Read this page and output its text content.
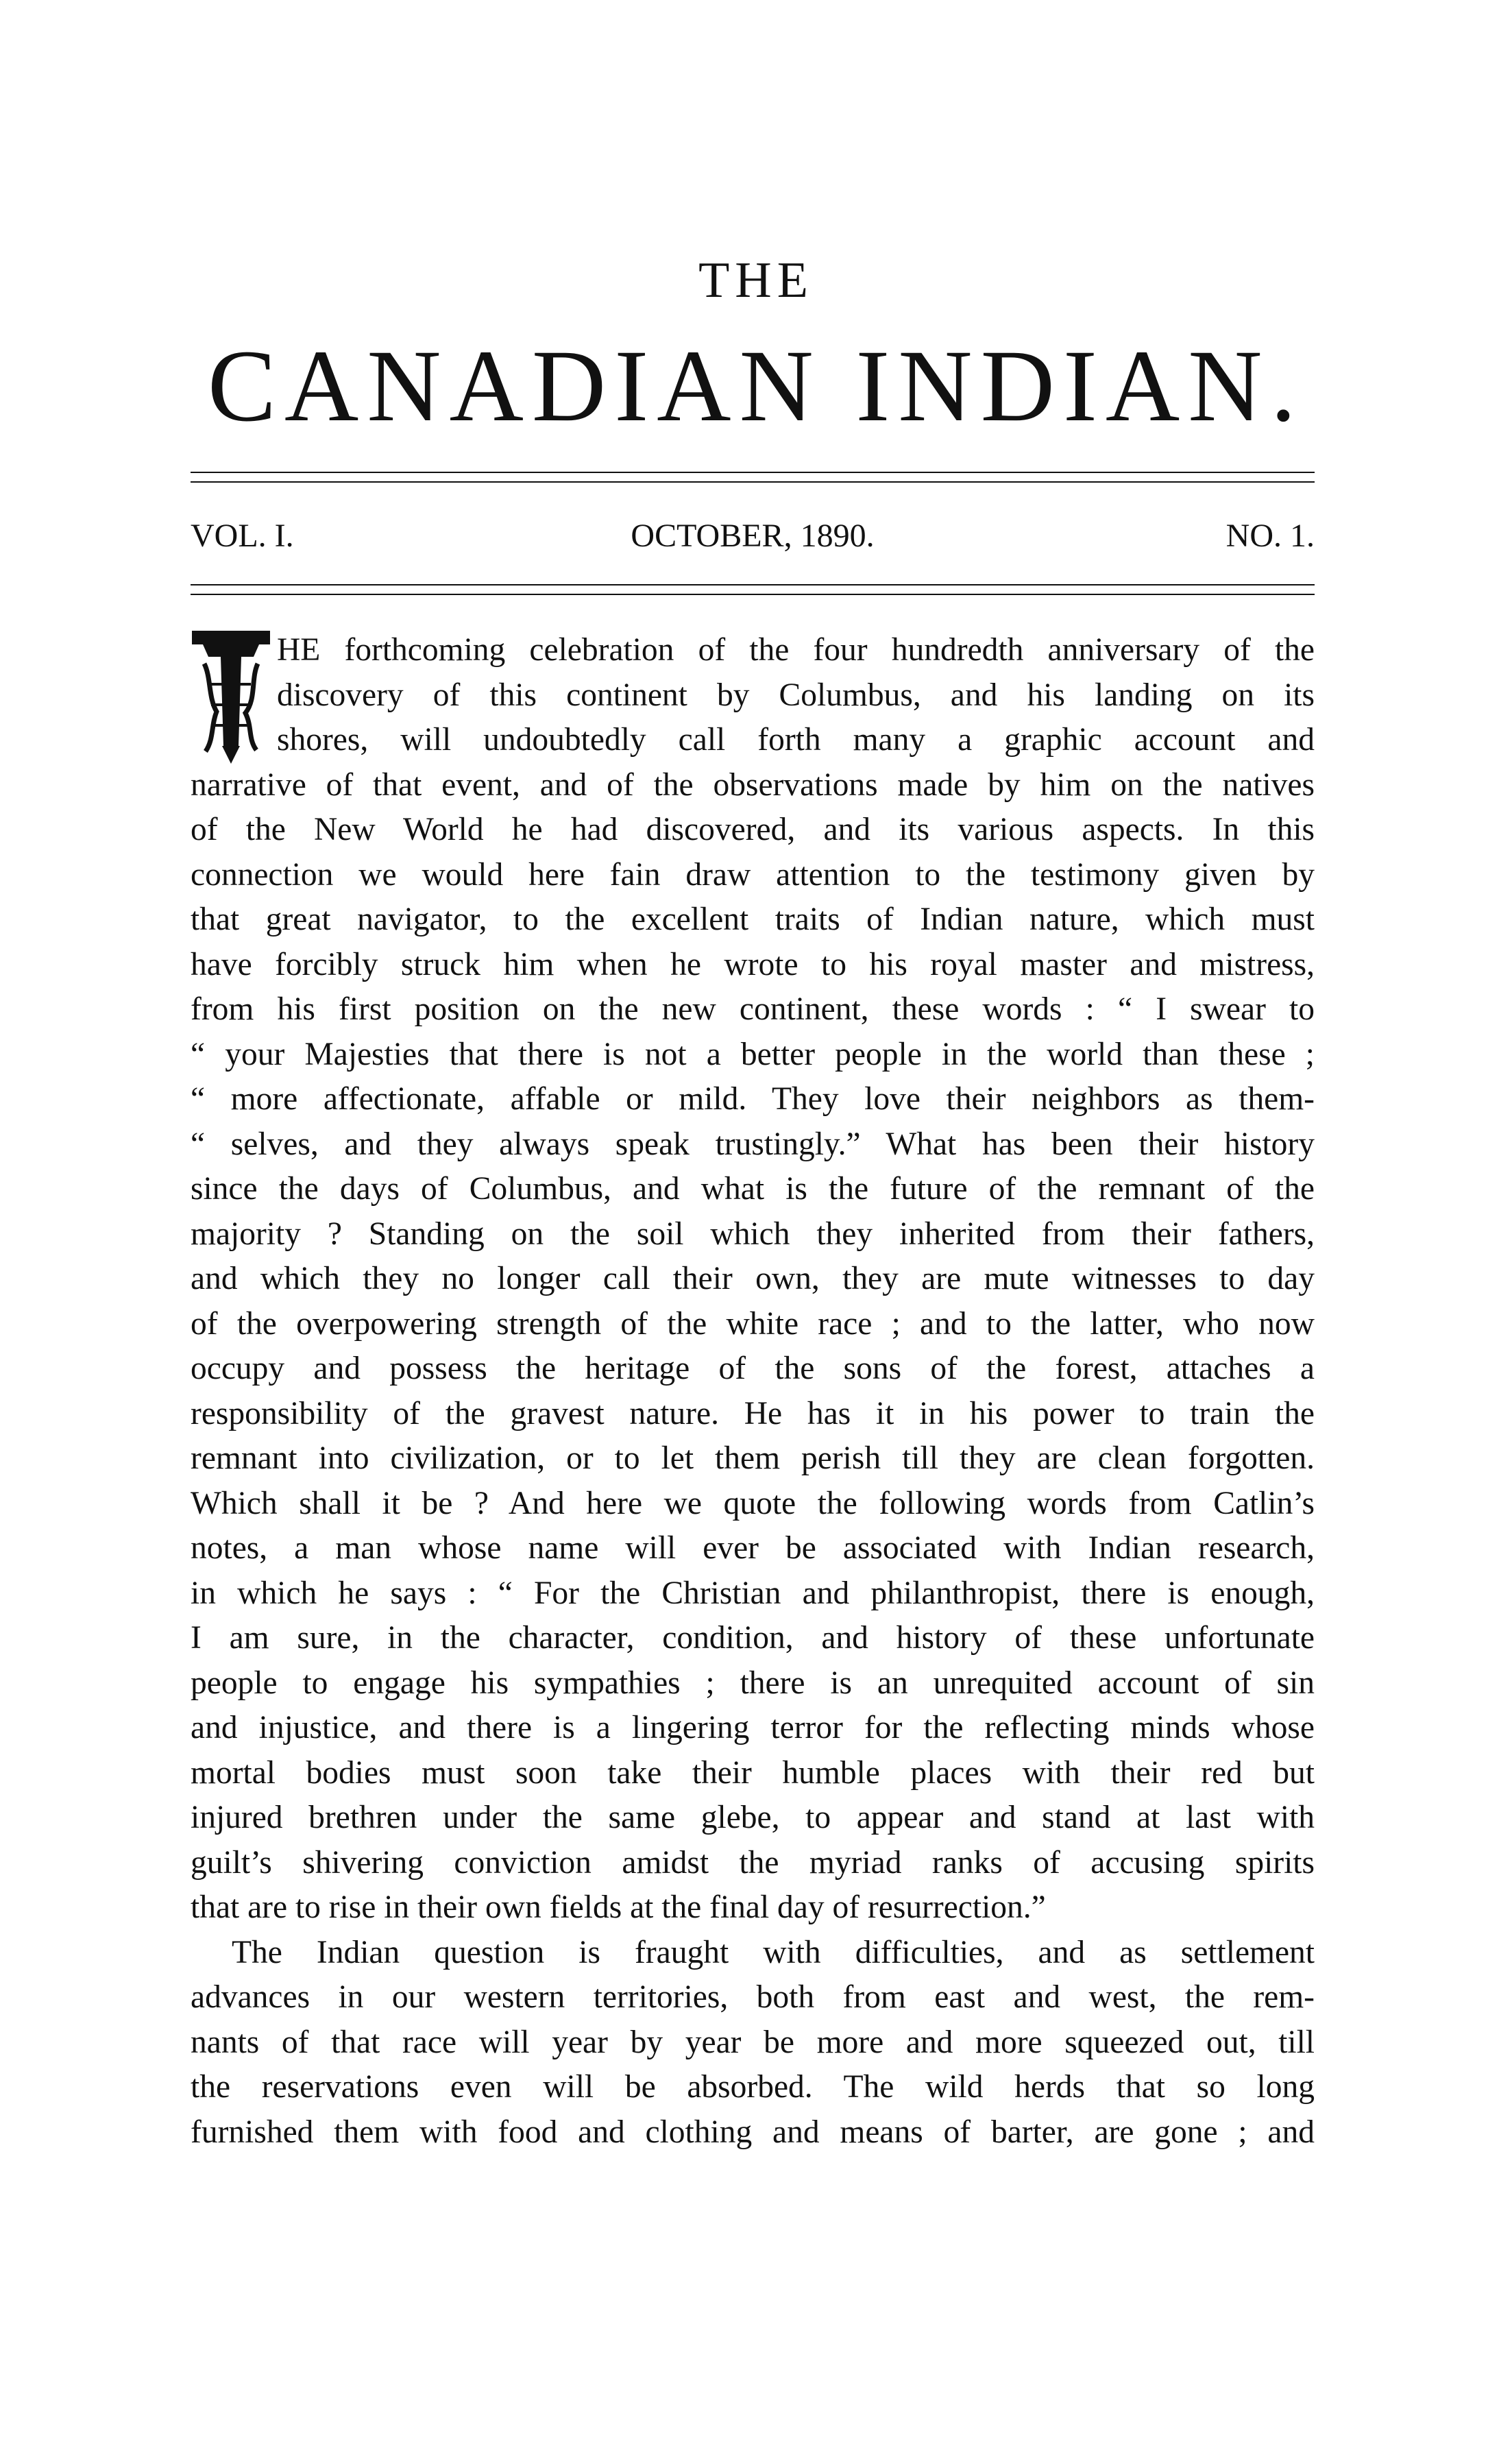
THE
CANADIAN INDIAN.
VOL. I.	OCTOBER, 1890.	NO. 1.
T
HE forthcoming celebration of the four hundredth anniversary of the
discovery of this continent by Columbus, and his landing on its
shores, will undoubtedly call forth many a graphic account and
narrative of that event, and of the observations made by him on the natives
of the New World he had discovered, and its various aspects. In this
connection we would here fain draw attention to the testimony given by
that great navigator, to the excellent traits of Indian nature, which must
have forcibly struck him when he wrote to his royal master and mistress,
from his first position on the new continent, these words : “ I swear to
“ your Majesties that there is not a better people in the world than these ;
“ more affectionate, affable or mild. They love their neighbors as them-
“ selves, and they always speak trustingly.” What has been their history
since the days of Columbus, and what is the future of the remnant of the
majority ? Standing on the soil which they inherited from their fathers,
and which they no longer call their own, they are mute witnesses to day
of the overpowering strength of the white race ; and to the latter, who now
occupy and possess the heritage of the sons of the forest, attaches a
responsibility of the gravest nature. He has it in his power to train the
remnant into civilization, or to let them perish till they are clean forgotten.
Which shall it be ? And here we quote the following words from Catlin’s
notes, a man whose name will ever be associated with Indian research,
in which he says : “ For the Christian and philanthropist, there is enough,
I am sure, in the character, condition, and history of these unfortunate
people to engage his sympathies ; there is an unrequited account of sin
and injustice, and there is a lingering terror for the reflecting minds whose
mortal bodies must soon take their humble places with their red but
injured brethren under the same glebe, to appear and stand at last with
guilt’s shivering conviction amidst the myriad ranks of accusing spirits
that are to rise in their own fields at the final day of resurrection.”
The Indian question is fraught with difficulties, and as settlement
advances in our western territories, both from east and west, the rem-
nants of that race will year by year be more and more squeezed out, till
the reservations even will be absorbed. The wild herds that so long
furnished them with food and clothing and means of barter, are gone ; and
